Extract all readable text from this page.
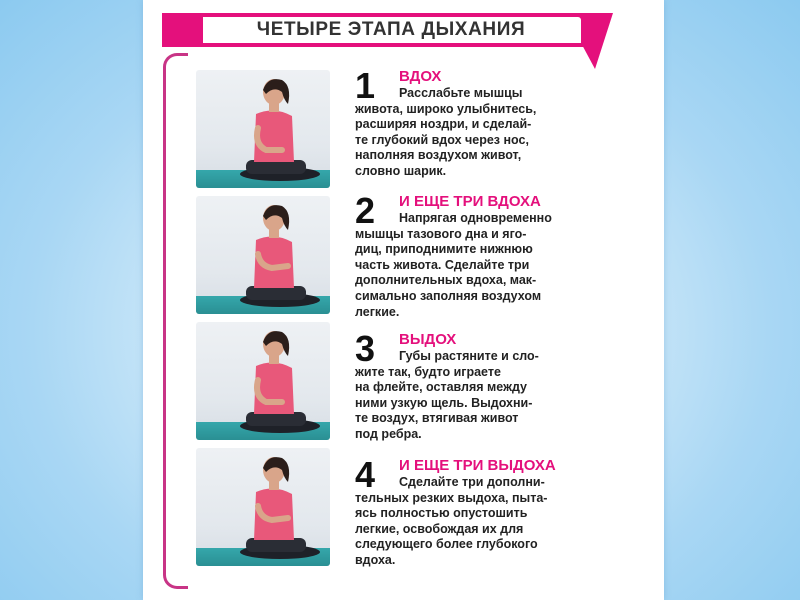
ЧЕТЫРЕ ЭТАПА ДЫХАНИЯ
1 ВДОХ
Расслабьте мышцы
живота, широко улыбнитесь,
расширяя ноздри, и сделай-
те глубокий вдох через нос,
наполняя воздухом живот,
словно шарик.
2 И ЕЩЕ ТРИ ВДОХА
Напрягая одновременно
мышцы тазового дна и яго-
диц, приподнимите нижнюю
часть живота. Сделайте три
дополнительных вдоха, мак-
симально заполняя воздухом
легкие.
3 ВЫДОХ
Губы растяните и сло-
жите так, будто играете
на флейте, оставляя между
ними узкую щель. Выдохни-
те воздух, втягивая живот
под ребра.
4 И ЕЩЕ ТРИ ВЫДОХА
Сделайте три дополни-
тельных резких выдоха, пыта-
ясь полностью опустошить
легкие, освобождая их для
следующего более глубокого
вдоха.
